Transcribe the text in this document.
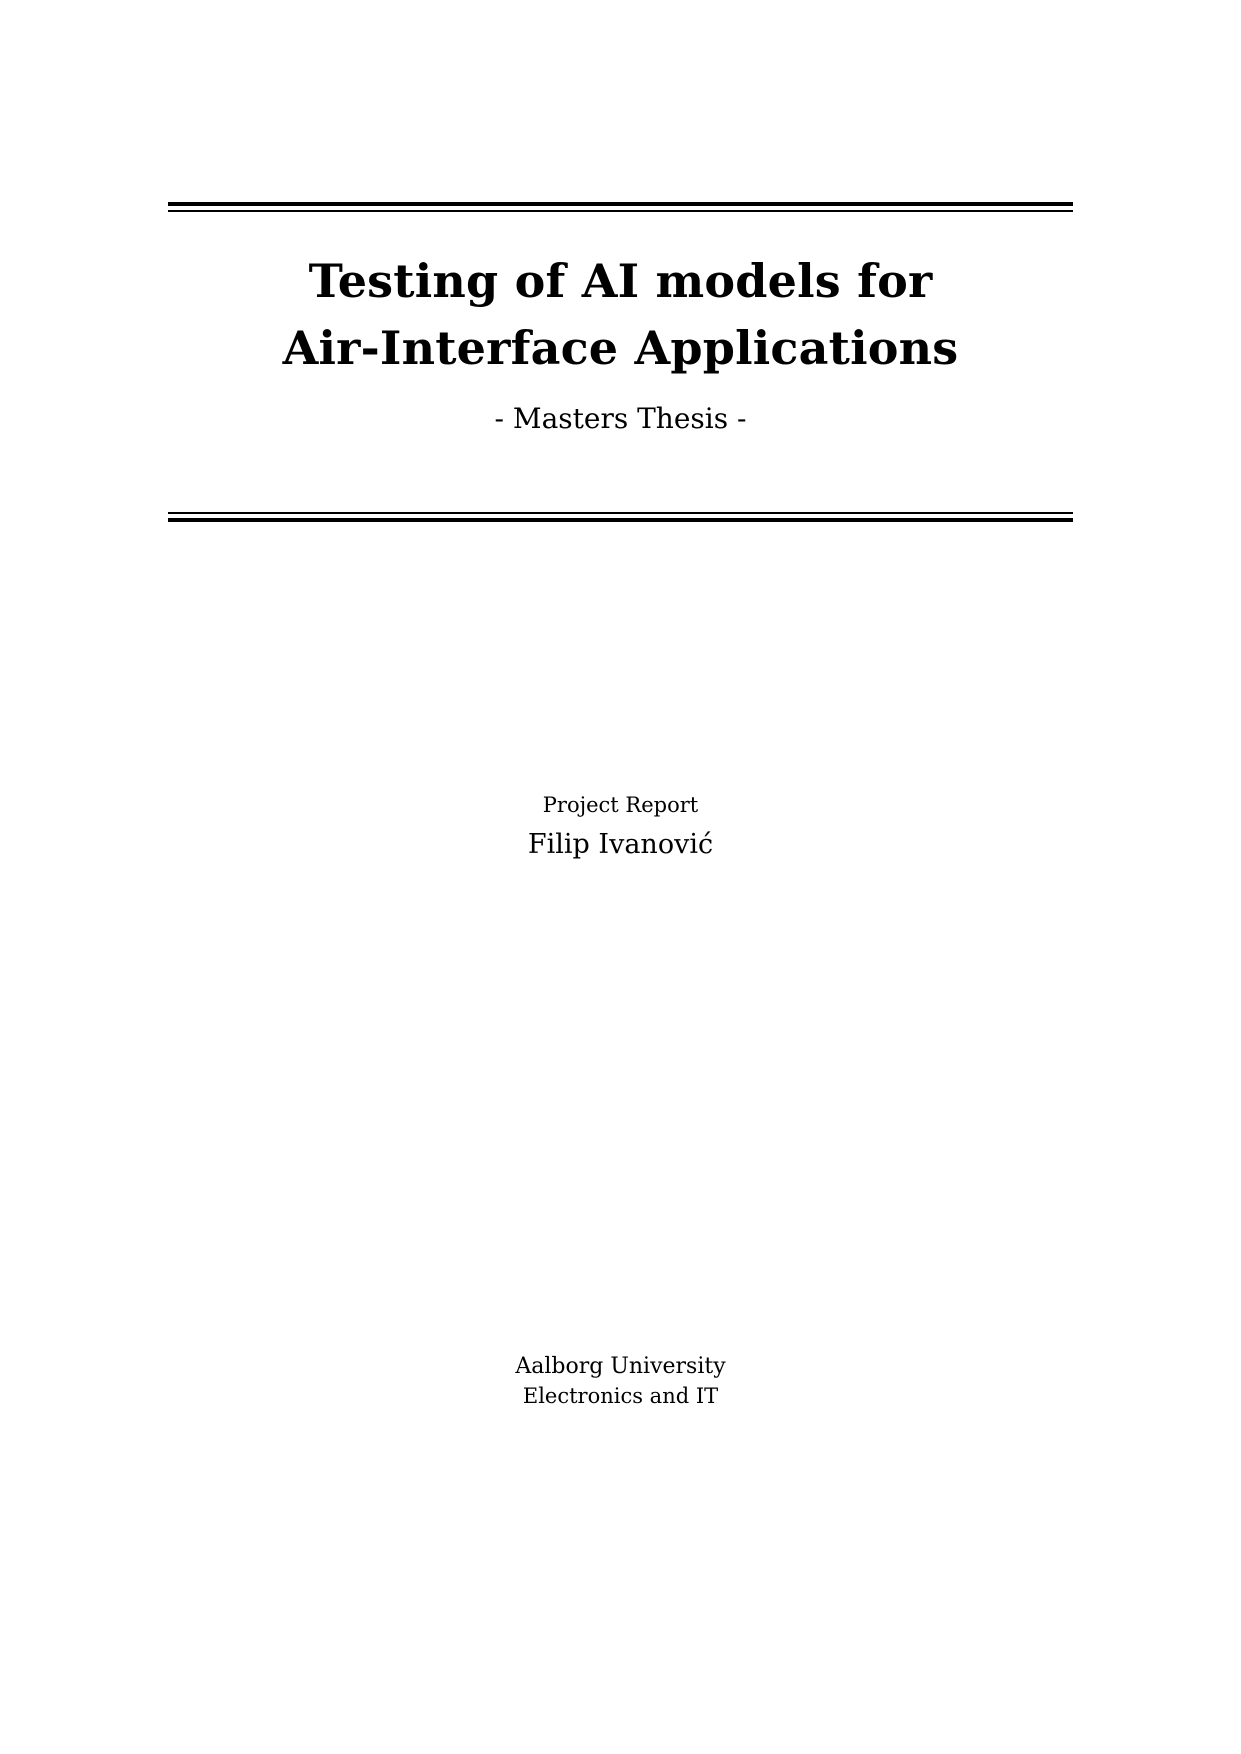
Testing of AI models for
Air-Interface Applications
- Masters Thesis -
Project Report
Filip Ivanović
Aalborg University
Electronics and IT
